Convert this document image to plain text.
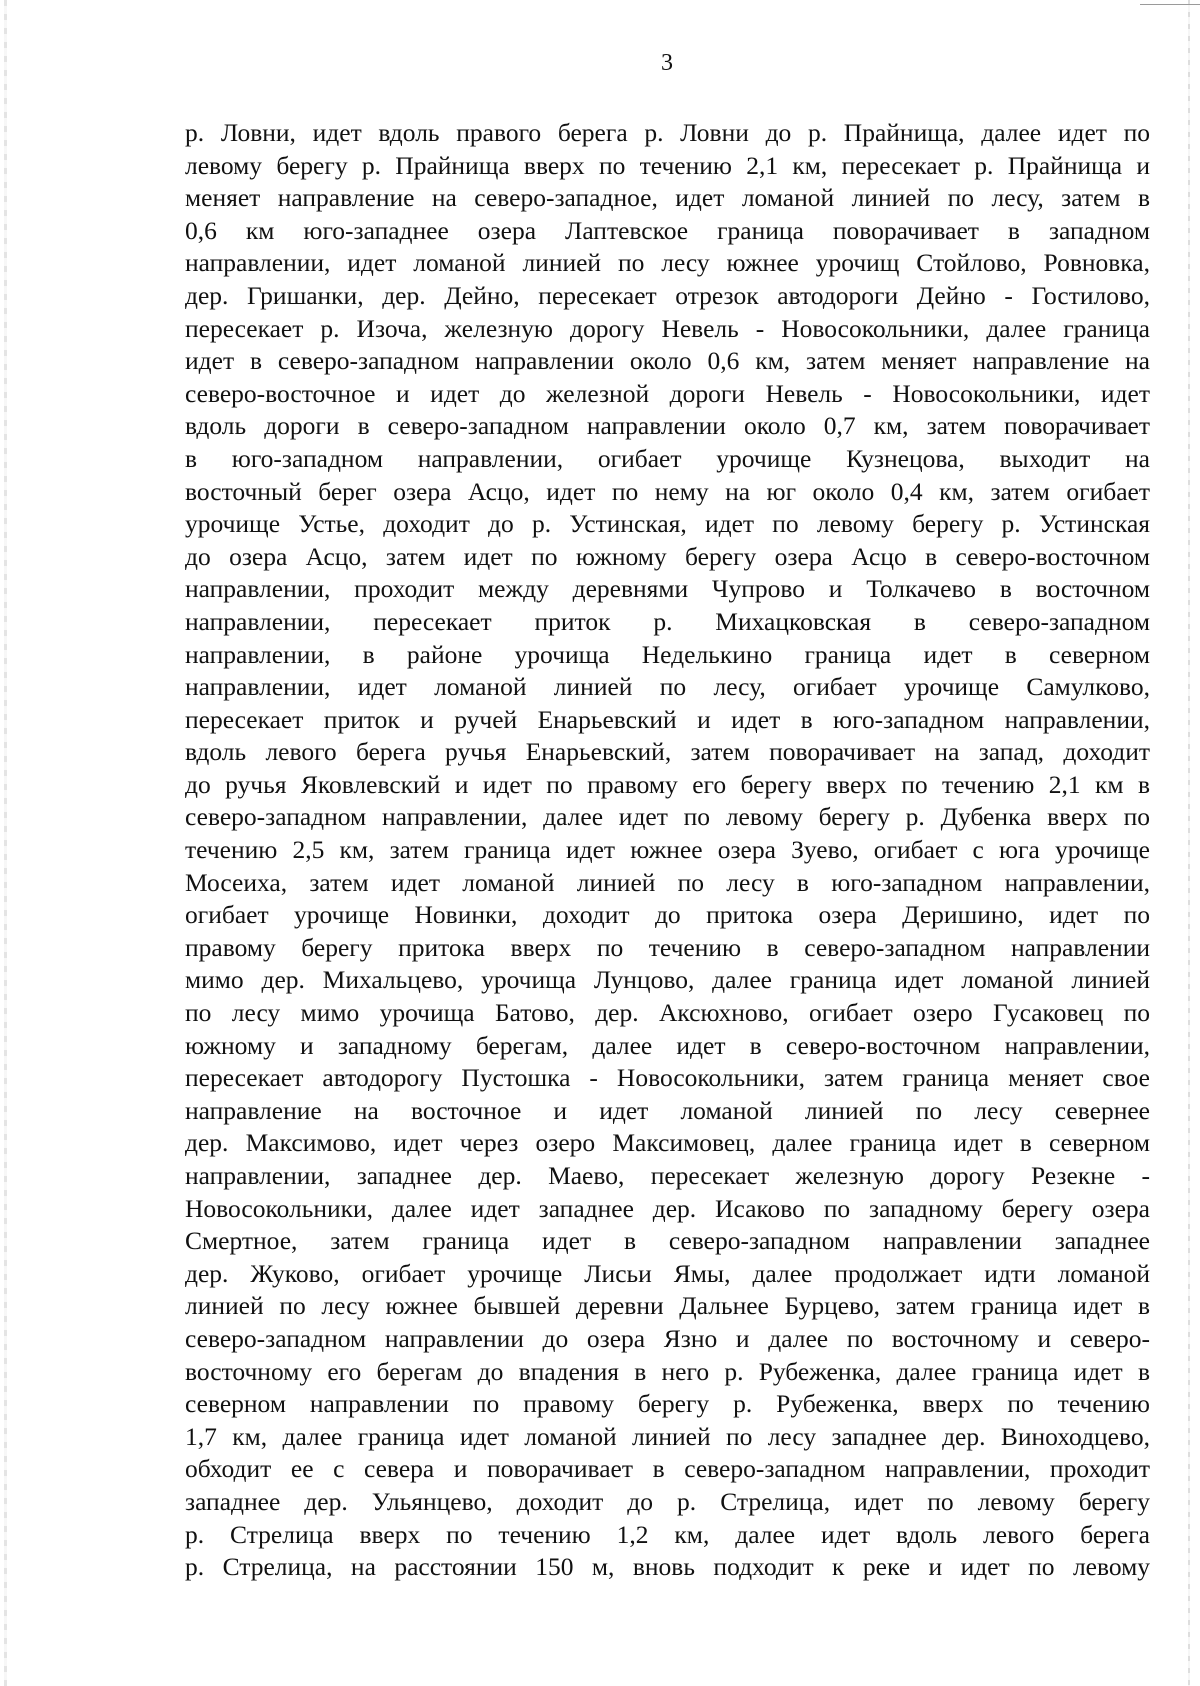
3
р. Ловни, идет вдоль правого берега р. Ловни до р. Прайнища, далее идет по
левому берегу р. Прайнища вверх по течению 2,1 км, пересекает р. Прайнища и
меняет направление на северо-западное, идет ломаной линией по лесу, затем в
0,6 км юго-западнее озера Лаптевское граница поворачивает в западном
направлении, идет ломаной линией по лесу южнее урочищ Стойлово, Ровновка,
дер. Гришанки, дер. Дейно, пересекает отрезок автодороги Дейно - Гостилово,
пересекает р. Изоча, железную дорогу Невель - Новосокольники, далее граница
идет в северо-западном направлении около 0,6 км, затем меняет направление на
северо-восточное и идет до железной дороги Невель - Новосокольники, идет
вдоль дороги в северо-западном направлении около 0,7 км, затем поворачивает
в юго-западном направлении, огибает урочище Кузнецова, выходит на
восточный берег озера Асцо, идет по нему на юг около 0,4 км, затем огибает
урочище Устье, доходит до р. Устинская, идет по левому берегу р. Устинская
до озера Асцо, затем идет по южному берегу озера Асцо в северо-восточном
направлении, проходит между деревнями Чупрово и Толкачево в восточном
направлении, пересекает приток р. Михацковская в северо-западном
направлении, в районе урочища Неделькино граница идет в северном
направлении, идет ломаной линией по лесу, огибает урочище Самулково,
пересекает приток и ручей Енарьевский и идет в юго-западном направлении,
вдоль левого берега ручья Енарьевский, затем поворачивает на запад, доходит
до ручья Яковлевский и идет по правому его берегу вверх по течению 2,1 км в
северо-западном направлении, далее идет по левому берегу р. Дубенка вверх по
течению 2,5 км, затем граница идет южнее озера Зуево, огибает с юга урочище
Мосеиха, затем идет ломаной линией по лесу в юго-западном направлении,
огибает урочище Новинки, доходит до притока озера Деришино, идет по
правому берегу притока вверх по течению в северо-западном направлении
мимо дер. Михальцево, урочища Лунцово, далее граница идет ломаной линией
по лесу мимо урочища Батово, дер. Аксюхново, огибает озеро Гусаковец по
южному и западному берегам, далее идет в северо-восточном направлении,
пересекает автодорогу Пустошка - Новосокольники, затем граница меняет свое
направление на восточное и идет ломаной линией по лесу севернее
дер. Максимово, идет через озеро Максимовец, далее граница идет в северном
направлении, западнее дер. Маево, пересекает железную дорогу Резекне -
Новосокольники, далее идет западнее дер. Исаково по западному берегу озера
Смертное, затем граница идет в северо-западном направлении западнее
дер. Жуково, огибает урочище Лисьи Ямы, далее продолжает идти ломаной
линией по лесу южнее бывшей деревни Дальнее Бурцево, затем граница идет в
северо-западном направлении до озера Язно и далее по восточному и северо-
восточному его берегам до впадения в него р. Рубеженка, далее граница идет в
северном направлении по правому берегу р. Рубеженка, вверх по течению
1,7 км, далее граница идет ломаной линией по лесу западнее дер. Виноходцево,
обходит ее с севера и поворачивает в северо-западном направлении, проходит
западнее дер. Ульянцево, доходит до р. Стрелица, идет по левому берегу
р. Стрелица вверх по течению 1,2 км, далее идет вдоль левого берега
р. Стрелица, на расстоянии 150 м, вновь подходит к реке и идет по левому
